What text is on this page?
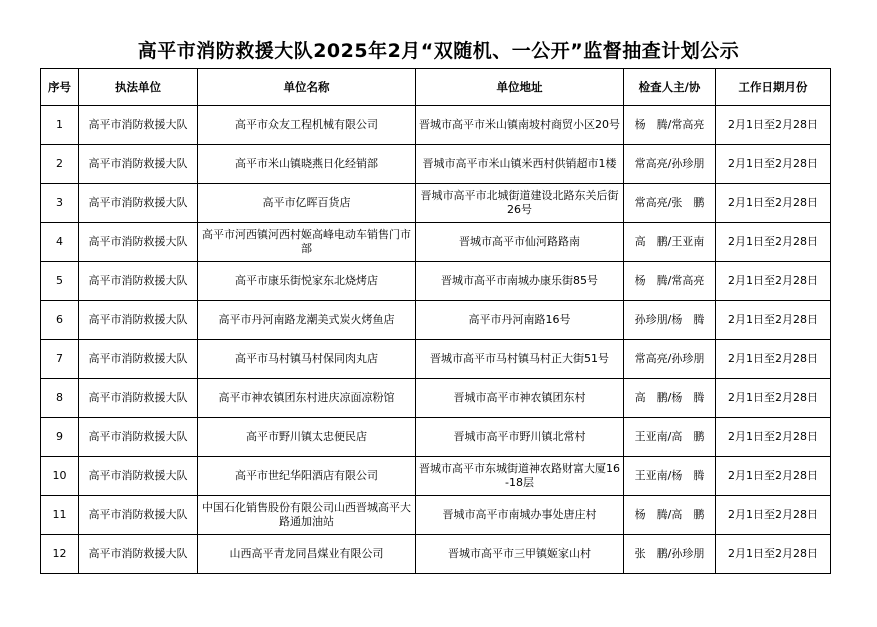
高平市消防救援大队2025年2月“双随机、一公开”监督抽查计划公示
序号	执法单位	单位名称	单位地址	检查人主/协	工作日期月份
1	高平市消防救援大队	高平市众友工程机械有限公司	晋城市高平市米山镇南坡村商贸小区20号	杨　腾/常高亮	2月1日至2月28日
2	高平市消防救援大队	高平市米山镇晓燕日化经销部	晋城市高平市米山镇米西村供销超市1楼	常高亮/孙珍朋	2月1日至2月28日
3	高平市消防救援大队	高平市亿晖百货店	晋城市高平市北城街道建设北路东关后街26号	常高亮/张　鹏	2月1日至2月28日
4	高平市消防救援大队	高平市河西镇河西村姬高峰电动车销售门市部	晋城市高平市仙河路路南	高　鹏/王亚南	2月1日至2月28日
5	高平市消防救援大队	高平市康乐街悦家东北烧烤店	晋城市高平市南城办康乐街85号	杨　腾/常高亮	2月1日至2月28日
6	高平市消防救援大队	高平市丹河南路龙潮美式炭火烤鱼店	高平市丹河南路16号	孙珍朋/杨　腾	2月1日至2月28日
7	高平市消防救援大队	高平市马村镇马村保同肉丸店	晋城市高平市马村镇马村正大街51号	常高亮/孙珍朋	2月1日至2月28日
8	高平市消防救援大队	高平市神农镇团东村进庆凉面凉粉馆	晋城市高平市神农镇团东村	高　鹏/杨　腾	2月1日至2月28日
9	高平市消防救援大队	高平市野川镇太忠便民店	晋城市高平市野川镇北常村	王亚南/高　鹏	2月1日至2月28日
10	高平市消防救援大队	高平市世纪华阳酒店有限公司	晋城市高平市东城街道神农路财富大厦16-18层	王亚南/杨　腾	2月1日至2月28日
11	高平市消防救援大队	中国石化销售股份有限公司山西晋城高平大路通加油站	晋城市高平市南城办事处唐庄村	杨　腾/高　鹏	2月1日至2月28日
12	高平市消防救援大队	山西高平青龙同昌煤业有限公司	晋城市高平市三甲镇姬家山村	张　鹏/孙珍朋	2月1日至2月28日
